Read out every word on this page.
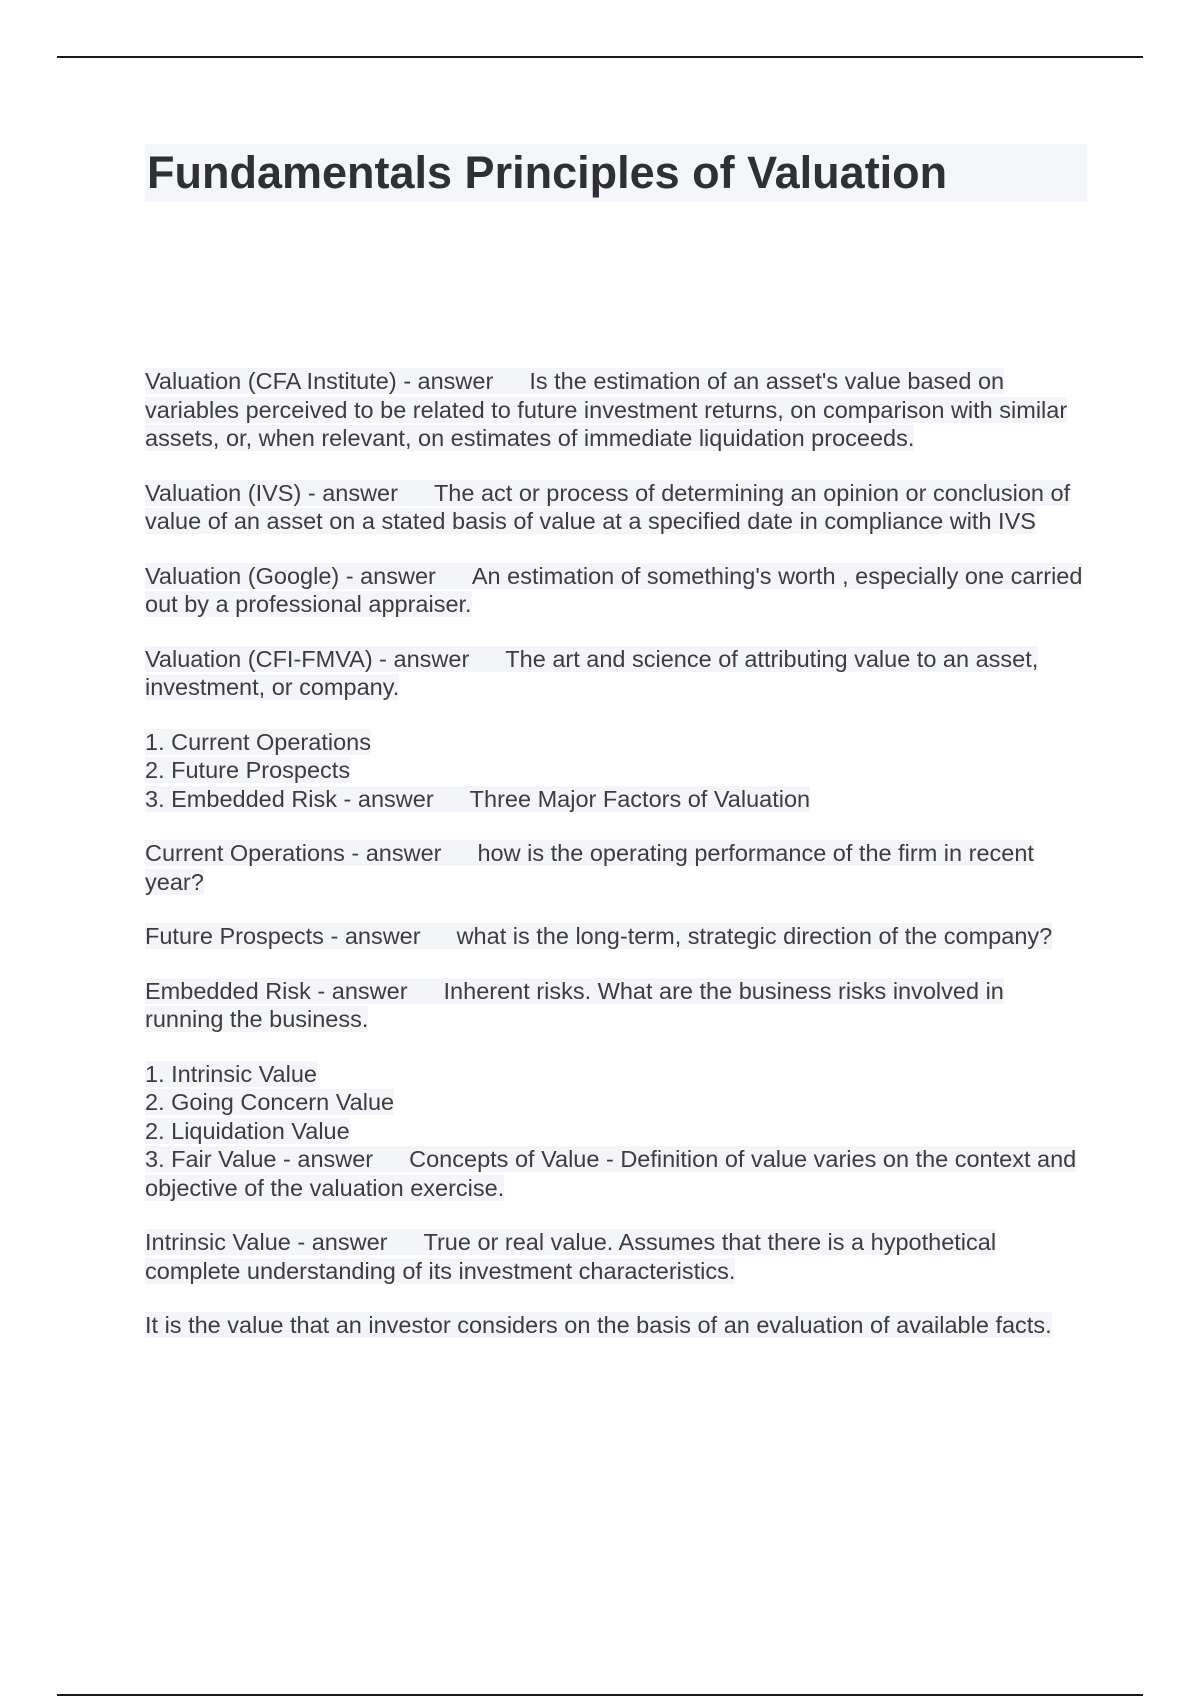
Fundamentals Principles of Valuation

Valuation (CFA Institute) - answer Is the estimation of an asset's value based on variables perceived to be related to future investment returns, on comparison with similar assets, or, when relevant, on estimates of immediate liquidation proceeds.

Valuation (IVS) - answer The act or process of determining an opinion or conclusion of value of an asset on a stated basis of value at a specified date in compliance with IVS

Valuation (Google) - answer An estimation of something's worth , especially one carried out by a professional appraiser.

Valuation (CFI-FMVA) - answer The art and science of attributing value to an asset, investment, or company.

1. Current Operations
2. Future Prospects
3. Embedded Risk - answer Three Major Factors of Valuation

Current Operations - answer how is the operating performance of the firm in recent year?

Future Prospects - answer what is the long-term, strategic direction of the company?

Embedded Risk - answer Inherent risks. What are the business risks involved in running the business.

1. Intrinsic Value
2. Going Concern Value
2. Liquidation Value
3. Fair Value - answer Concepts of Value - Definition of value varies on the context and objective of the valuation exercise.

Intrinsic Value - answer True or real value. Assumes that there is a hypothetical complete understanding of its investment characteristics.

It is the value that an investor considers on the basis of an evaluation of available facts.
